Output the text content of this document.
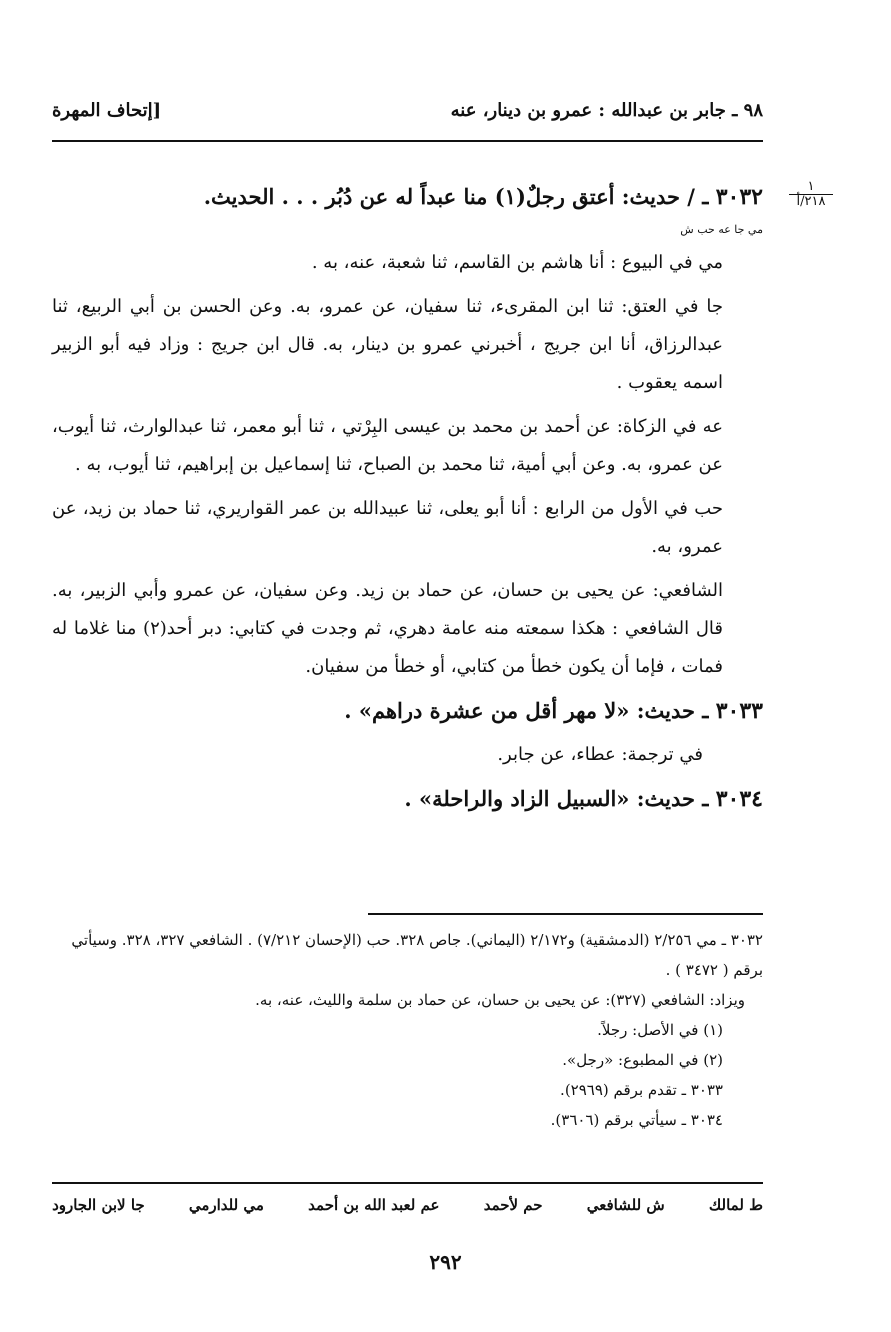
٩٨ ـ جابر بن عبدالله : عمرو بن دينار، عنه
[إتحاف المهرة
١
٢١٨/أ

٣٠٣٢ ـ / حديث: أعتق رجلٌ(١) منا عبداً له عن دُبُر . . . الحديث.

مي جا عه حب ش

مي في البيوع : أنا هاشم بن القاسم، ثنا شعبة، عنه، به .

جا في العتق: ثنا ابن المقرىء، ثنا سفيان، عن عمرو، به. وعن الحسن بن أبي الربيع، ثنا عبدالرزاق، أنا ابن جريج ، أخبرني عمرو بن دينار، به. قال ابن جريج : وزاد فيه أبو الزبير اسمه يعقوب .

عه في الزكاة: عن أحمد بن محمد بن عيسى البِرْتي ، ثنا أبو معمر، ثنا عبدالوارث، ثنا أيوب، عن عمرو، به. وعن أبي أمية، ثنا محمد بن الصباح، ثنا إسماعيل بن إبراهيم، ثنا أيوب، به .

حب في الأول من الرابع : أنا أبو يعلى، ثنا عبيدالله بن عمر القواريري، ثنا حماد بن زيد، عن عمرو، به.

الشافعي: عن يحيى بن حسان، عن حماد بن زيد. وعن سفيان، عن عمرو وأبي الزبير، به. قال الشافعي : هكذا سمعته منه عامة دهري، ثم وجدت في كتابي: دبر أحد(٢) منا غلاما له فمات ، فإما أن يكون خطأ من كتابي، أو خطأ من سفيان.

٣٠٣٣ ـ حديث: «لا مهر أقل من عشرة دراهم» .

في ترجمة: عطاء، عن جابر.

٣٠٣٤ ـ حديث: «السبيل الزاد والراحلة» .

٣٠٣٢ ـ مي ٢/٢٥٦ (الدمشقية) و٢/١٧٢ (اليماني). جاص ٣٢٨. حب (الإحسان ٧/٢١٢) . الشافعي ٣٢٧، ٣٢٨. وسيأتي برقم ( ٣٤٧٢ ) .

ويزاد: الشافعي (٣٢٧): عن يحيى بن حسان، عن حماد بن سلمة والليث، عنه، به.

(١) في الأصل: رجلاً.

(٢) في المطبوع: «رجل».

٣٠٣٣ ـ تقدم برقم (٢٩٦٩).

٣٠٣٤ ـ سيأتي برقم (٣٦٠٦).

ط لمالك
ش للشافعي
حم لأحمد
عم لعبد الله بن أحمد
مي للدارمي
جا لابن الجارود
٢٩٢
